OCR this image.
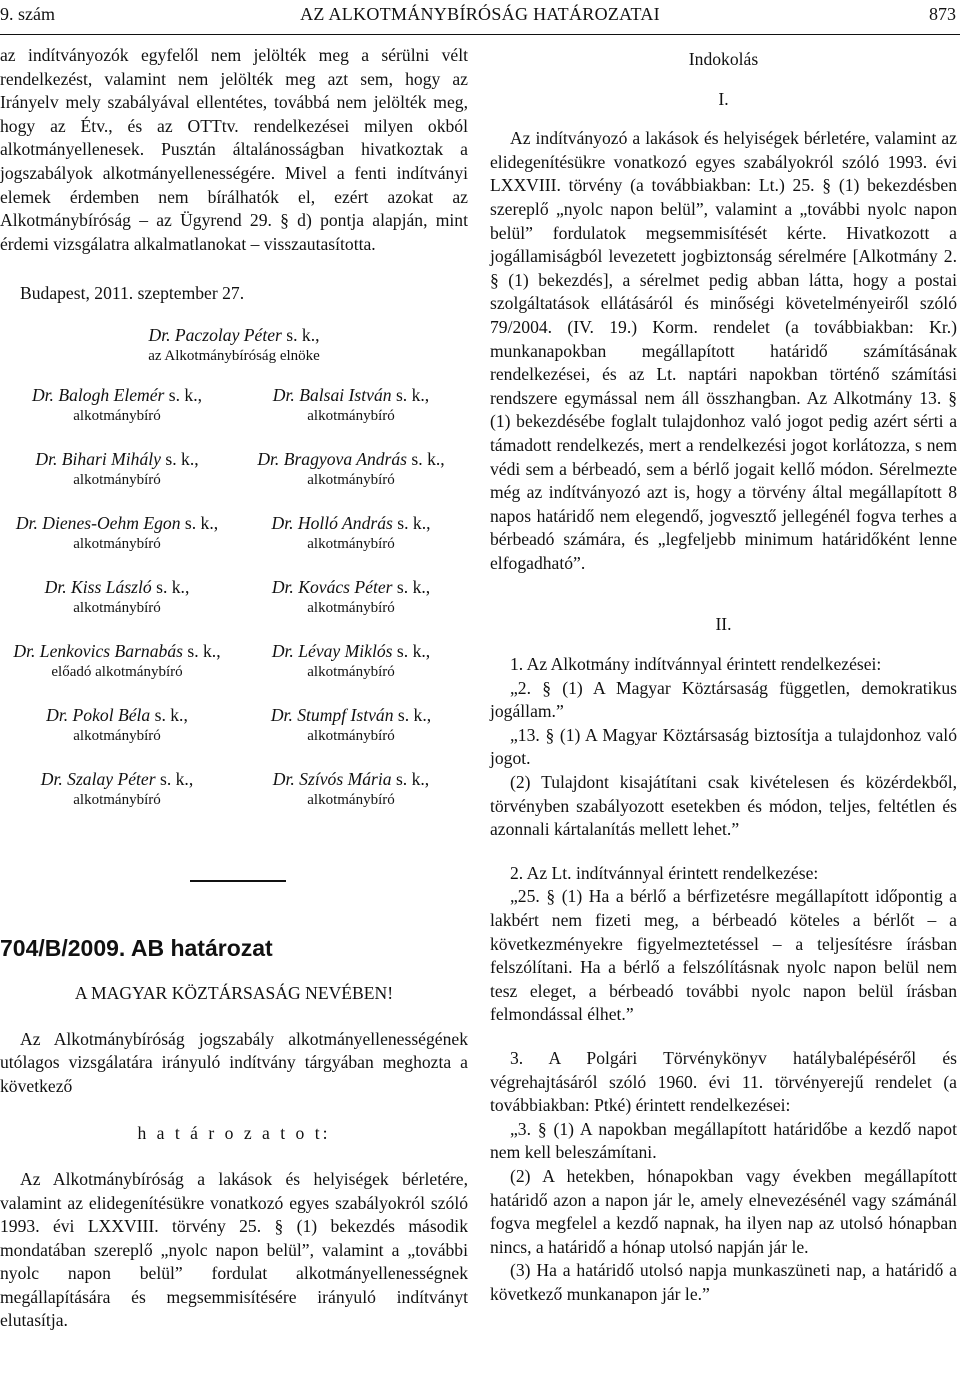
9. szám	AZ ALKOTMÁNYBÍRÓSÁG HATÁROZATAI	873

az indítványozók egyfelől nem jelölték meg a sérülni vélt rendelkezést, valamint nem jelölték meg azt sem, hogy az Irányelv mely szabályával ellentétes, továbbá nem jelölték meg, hogy az Étv., és az OTTtv. rendelkezései milyen okból alkotmányellenesek. Pusztán általánosságban hivatkoztak a jogszabályok alkotmányellenességére. Mivel a fenti indítványi elemek érdemben nem bírálhatók el, ezért azokat az Alkotmánybíróság – az Ügyrend 29. § d) pontja alapján, mint érdemi vizsgálatra alkalmatlanokat – visszautasította.

Budapest, 2011. szeptember 27.

Dr. Paczolay Péter s. k.,
az Alkotmánybíróság elnöke
Dr. Balogh Elemér s. k.,
alkotmánybíró
Dr. Balsai István s. k.,
alkotmánybíró
Dr. Bihari Mihály s. k.,
alkotmánybíró
Dr. Bragyova András s. k.,
alkotmánybíró
Dr. Dienes-Oehm Egon s. k.,
alkotmánybíró
Dr. Holló András s. k.,
alkotmánybíró
Dr. Kiss László s. k.,
alkotmánybíró
Dr. Kovács Péter s. k.,
alkotmánybíró
Dr. Lenkovics Barnabás s. k.,
előadó alkotmánybíró
Dr. Lévay Miklós s. k.,
alkotmánybíró
Dr. Pokol Béla s. k.,
alkotmánybíró
Dr. Stumpf István s. k.,
alkotmánybíró
Dr. Szalay Péter s. k.,
alkotmánybíró
Dr. Szívós Mária s. k.,
alkotmánybíró
704/B/2009. AB határozat

A MAGYAR KÖZTÁRSASÁG NEVÉBEN!

Az Alkotmánybíróság jogszabály alkotmányellenességének utólagos vizsgálatára irányuló indítvány tárgyában meghozta a következő

h a t á r o z a t o t:

Az Alkotmánybíróság a lakások és helyiségek bérletére, valamint az elidegenítésükre vonatkozó egyes szabályokról szóló 1993. évi LXXVIII. törvény 25. § (1) bekezdés második mondatában szereplő „nyolc napon belül”, valamint a „további nyolc napon belül” fordulat alkotmányellenességnek megállapítására és megsemmisítésére irányuló indítványt elutasítja.

Indokolás

I.

Az indítványozó a lakások és helyiségek bérletére, valamint az elidegenítésükre vonatkozó egyes szabályokról szóló 1993. évi LXXVIII. törvény (a továbbiakban: Lt.) 25. § (1) bekezdésben szereplő „nyolc napon belül”, valamint a „további nyolc napon belül” fordulatok megsemmisítését kérte. Hivatkozott a jogállamiságból levezetett jogbiztonság sérelmére [Alkotmány 2. § (1) bekezdés], a sérelmet pedig abban látta, hogy a postai szolgáltatások ellátásáról és minőségi követelményeiről szóló 79/2004. (IV. 19.) Korm. rendelet (a továbbiakban: Kr.) munkanapokban megállapított határidő számításának rendelkezései, és az Lt. naptári napokban történő számítási rendszere egymással nem áll összhangban. Az Alkotmány 13. § (1) bekezdésébe foglalt tulajdonhoz való jogot pedig azért sérti a támadott rendelkezés, mert a rendelkezési jogot korlátozza, s nem védi sem a bérbeadó, sem a bérlő jogait kellő módon. Sérelmezte még az indítványozó azt is, hogy a törvény által megállapított 8 napos határidő nem elegendő, jogvesztő jellegénél fogva terhes a bérbeadó számára, és „legfeljebb minimum határidőként lenne elfogadható”.

II.

1. Az Alkotmány indítvánnyal érintett rendelkezései:

„2. § (1) A Magyar Köztársaság független, demokratikus jogállam.”

„13. § (1) A Magyar Köztársaság biztosítja a tulajdonhoz való jogot.

(2) Tulajdont kisajátítani csak kivételesen és közérdekből, törvényben szabályozott esetekben és módon, teljes, feltétlen és azonnali kártalanítás mellett lehet.”

2. Az Lt. indítvánnyal érintett rendelkezése:

„25. § (1) Ha a bérlő a bérfizetésre megállapított időpontig a lakbért nem fizeti meg, a bérbeadó köteles a bérlőt – a következményekre figyelmeztetéssel – a teljesítésre írásban felszólítani. Ha a bérlő a felszólításnak nyolc napon belül nem tesz eleget, a bérbeadó további nyolc napon belül írásban felmondással élhet.”

3. A Polgári Törvénykönyv hatálybalépéséről és végrehajtásáról szóló 1960. évi 11. törvényerejű rendelet (a továbbiakban: Ptké) érintett rendelkezései:

„3. § (1) A napokban megállapított határidőbe a kezdő napot nem kell beleszámítani.

(2) A hetekben, hónapokban vagy években megállapított határidő azon a napon jár le, amely elnevezésénél vagy számánál fogva megfelel a kezdő napnak, ha ilyen nap az utolsó hónapban nincs, a határidő a hónap utolsó napján jár le.

(3) Ha a határidő utolsó napja munkaszüneti nap, a határidő a következő munkanapon jár le.”
